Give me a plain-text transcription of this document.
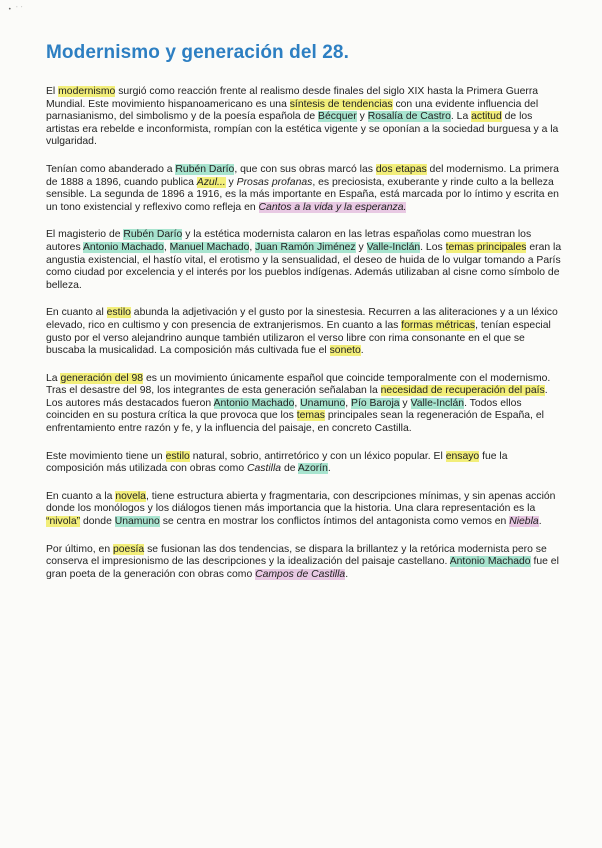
•  ˙ ˙
Modernismo y generación del 28.

El modernismo surgió como reacción frente al realismo desde finales del siglo XIX hasta la Primera Guerra Mundial. Este movimiento hispanoamericano es una síntesis de tendencias con una evidente influencia del parnasianismo, del simbolismo y de la poesía española de Bécquer y Rosalía de Castro. La actitud de los artistas era rebelde e inconformista, rompían con la estética vigente y se oponían a la sociedad burguesa y a la vulgaridad.

Tenían como abanderado a Rubén Darío, que con sus obras marcó las dos etapas del modernismo. La primera de 1888 a 1896, cuando publica Azul... y Prosas profanas, es preciosista, exuberante y rinde culto a la belleza sensible. La segunda de 1896 a 1916, es la más importante en España, está marcada por lo íntimo y escrita en un tono existencial y reflexivo como refleja en Cantos a la vida y la esperanza.

El magisterio de Rubén Darío y la estética modernista calaron en las letras españolas como muestran los autores Antonio Machado, Manuel Machado, Juan Ramón Jiménez y Valle-Inclán. Los temas principales eran la angustia existencial, el hastío vital, el erotismo y la sensualidad, el deseo de huida de lo vulgar tomando a París como ciudad por excelencia y el interés por los pueblos indígenas. Además utilizaban al cisne como símbolo de belleza.

En cuanto al estilo abunda la adjetivación y el gusto por la sinestesia. Recurren a las aliteraciones y a un léxico elevado, rico en cultismo y con presencia de extranjerismos. En cuanto a las formas métricas, tenían especial gusto por el verso alejandrino aunque también utilizaron el verso libre con rima consonante en el que se buscaba la musicalidad. La composición más cultivada fue el soneto.

La generación del 98 es un movimiento únicamente español que coincide temporalmente con el modernismo. Tras el desastre del 98, los integrantes de esta generación señalaban la necesidad de recuperación del país. Los autores más destacados fueron Antonio Machado, Unamuno, Pío Baroja y Valle-Inclán. Todos ellos coinciden en su postura crítica la que provoca que los temas principales sean la regeneración de España, el enfrentamiento entre razón y fe, y la influencia del paisaje, en concreto Castilla.

Este movimiento tiene un estilo natural, sobrio, antirretórico y con un léxico popular. El ensayo fue la composición más utilizada con obras como Castilla de Azorín.

En cuanto a la novela, tiene estructura abierta y fragmentaria, con descripciones mínimas, y sin apenas acción donde los monólogos y los diálogos tienen más importancia que la historia. Una clara representación es la “nivola” donde Unamuno se centra en mostrar los conflictos íntimos del antagonista como vemos en Niebla.

Por último, en poesía se fusionan las dos tendencias, se dispara la brillantez y la retórica modernista pero se conserva el impresionismo de las descripciones y la idealización del paisaje castellano. Antonio Machado fue el gran poeta de la generación con obras como Campos de Castilla.
